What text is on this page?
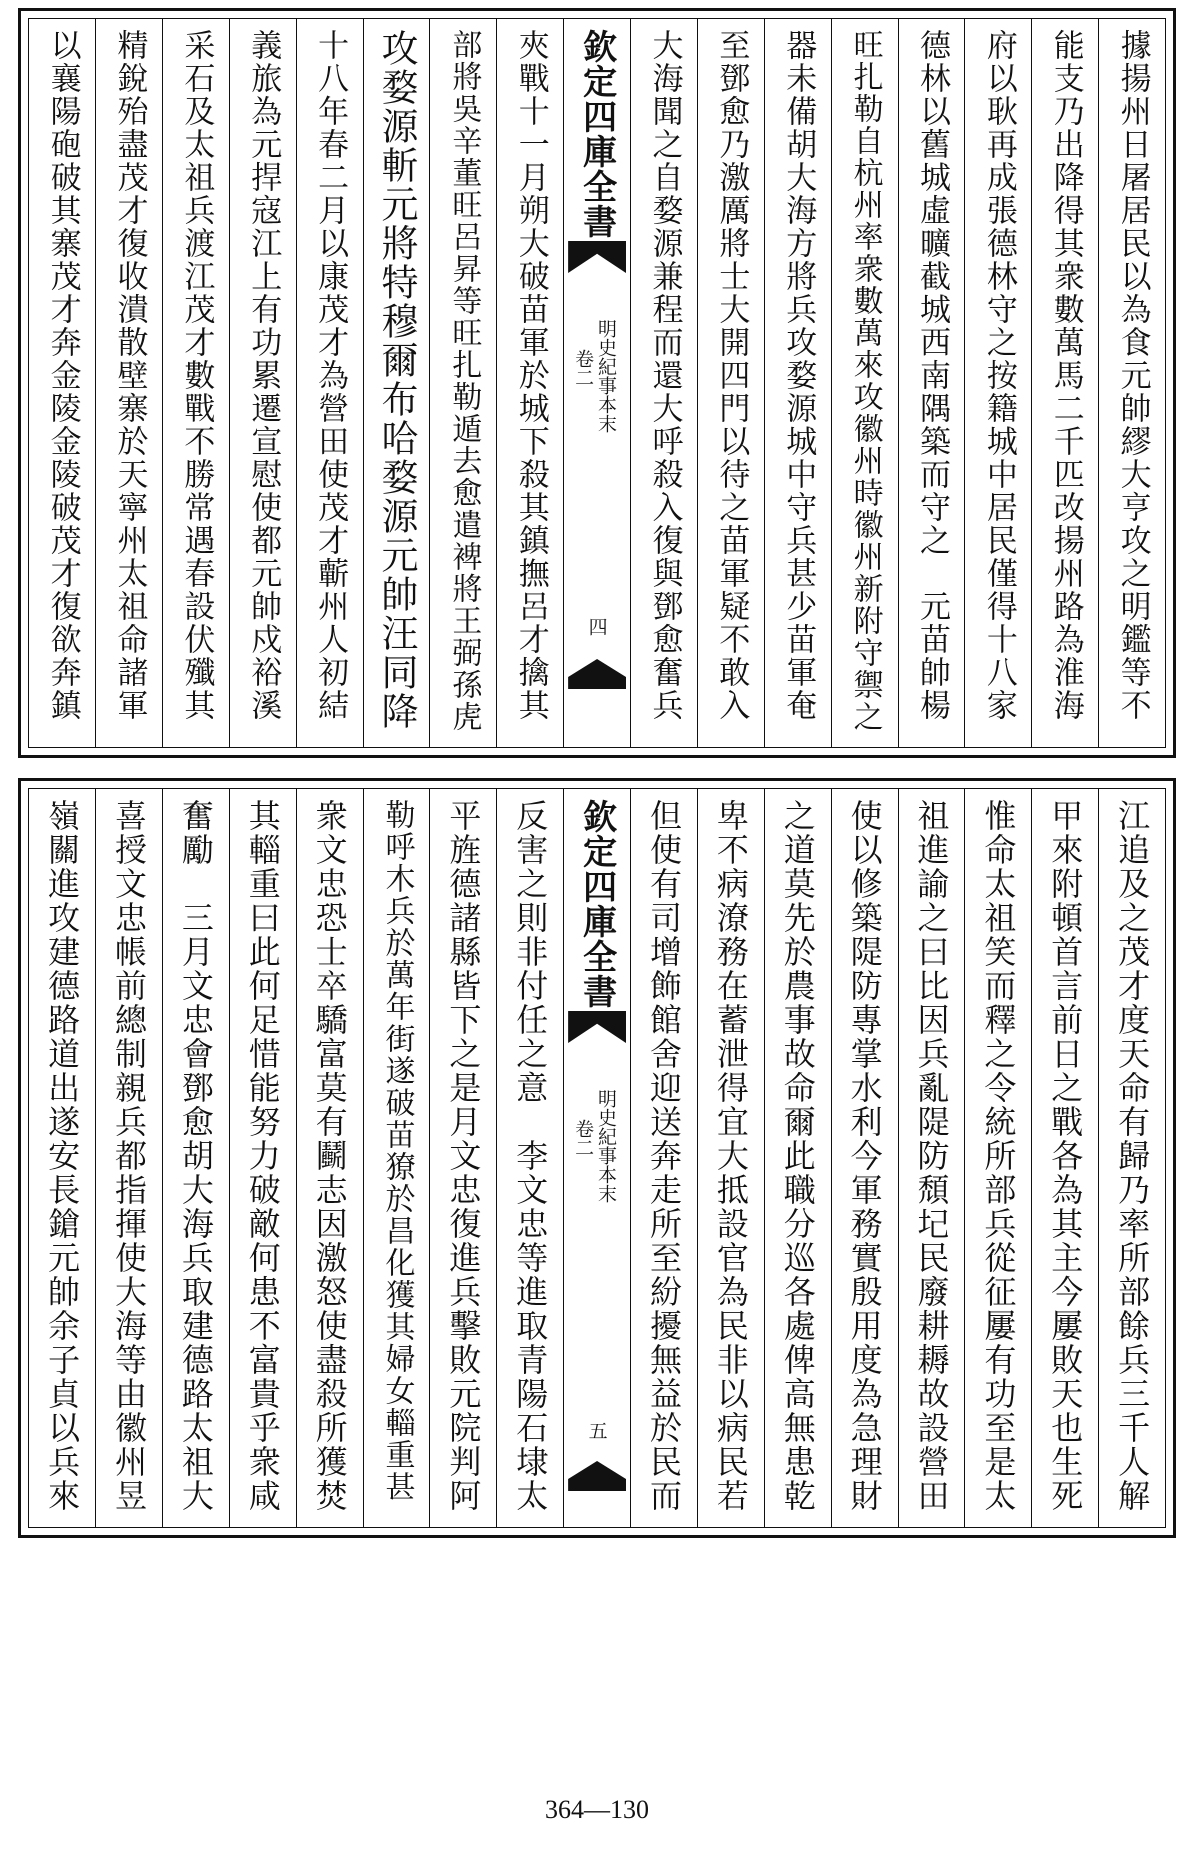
據揚州日屠居民以為食元帥繆大亨攻之明鑑等不
能支乃出降得其衆數萬馬二千匹改揚州路為淮海
府以耿再成張德林守之按籍城中居民僅得十八家
德林以舊城虛曠截城西南隅築而守之　元苗帥楊
旺扎勒自杭州率衆數萬來攻徽州時徽州新附守禦之
器未備胡大海方將兵攻婺源城中守兵甚少苗軍奄
至鄧愈乃激厲將士大開四門以待之苗軍疑不敢入
大海聞之自婺源兼程而還大呼殺入復與鄧愈奮兵
欽定四庫全書
明史紀事本末
卷二
四
夾戰十一月朔大破苗軍於城下殺其鎮撫呂才擒其
部將吳辛董旺呂昇等旺扎勒遁去愈遣裨將王弼孫虎
攻婺源斬元將特穆爾布哈婺源元帥汪同降
十八年春二月以康茂才為營田使茂才蘄州人初結
義旅為元捍寇江上有功累遷宣慰使都元帥戍裕溪
采石及太祖兵渡江茂才數戰不勝常遇春設伏殲其
精銳殆盡茂才復收潰散壁寨於天寧州太祖命諸軍
以襄陽砲破其寨茂才奔金陵金陵破茂才復欲奔鎮
江追及之茂才度天命有歸乃率所部餘兵三千人解
甲來附頓首言前日之戰各為其主今屢敗天也生死
惟命太祖笑而釋之令統所部兵從征屢有功至是太
祖進諭之曰比因兵亂隄防頹圮民廢耕耨故設營田
使以修築隄防專掌水利今軍務實殷用度為急理財
之道莫先於農事故命爾此職分巡各處俾高無患乾
卑不病潦務在蓄泄得宜大抵設官為民非以病民若
但使有司增飾館舍迎送奔走所至紛擾無益於民而
欽定四庫全書
明史紀事本末
卷二
五
反害之則非付任之意　李文忠等進取青陽石埭太
平旌德諸縣皆下之是月文忠復進兵擊敗元院判阿
勒呼木兵於萬年街遂破苗獠於昌化獲其婦女輜重甚
衆文忠恐士卒驕富莫有鬬志因激怒使盡殺所獲焚
其輜重曰此何足惜能努力破敵何患不富貴乎衆咸
奮勵　三月文忠會鄧愈胡大海兵取建德路太祖大
喜授文忠帳前總制親兵都指揮使大海等由徽州昱
嶺關進攻建德路道出遂安長鎗元帥余子貞以兵來
364—130
